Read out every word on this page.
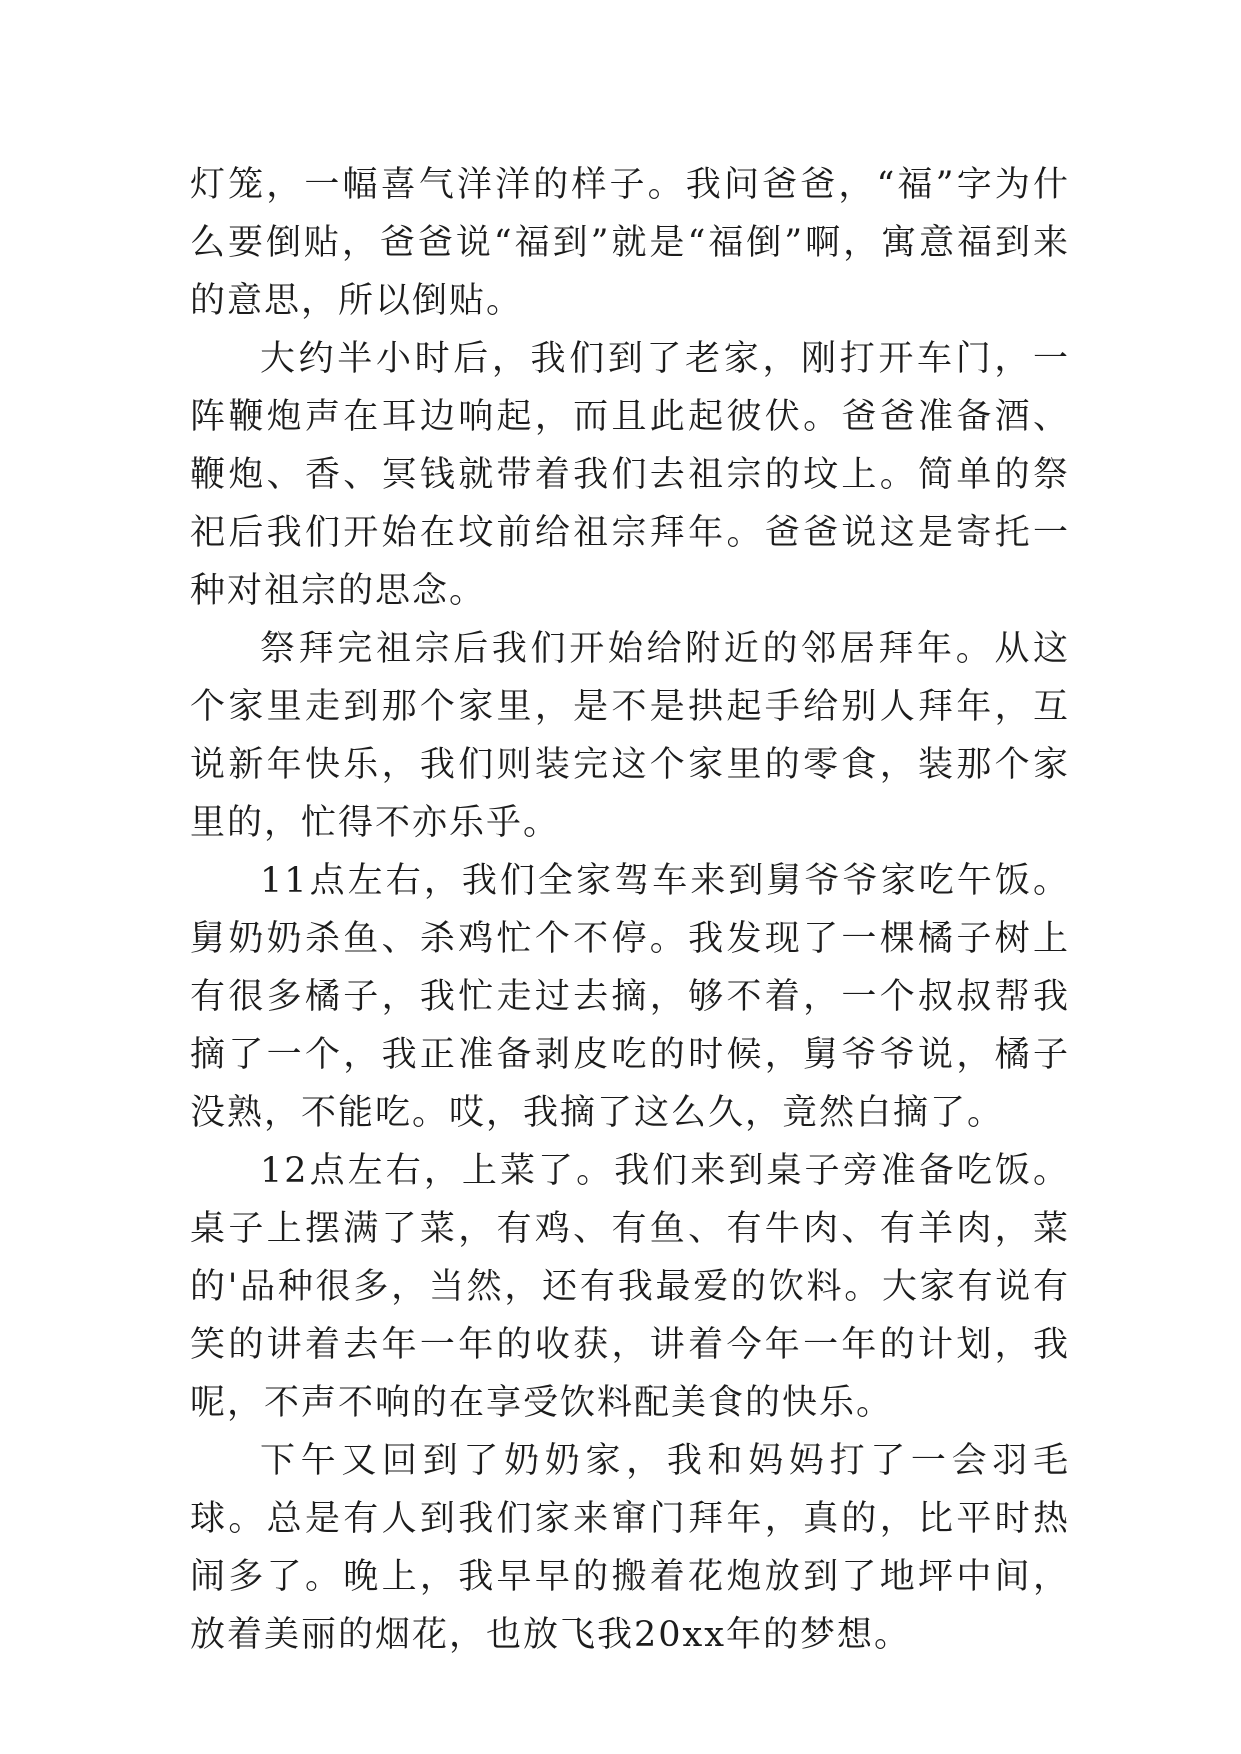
灯笼，一幅喜气洋洋的样子。我问爸爸，“福”字为什么要倒贴，爸爸说“福到”就是“福倒”啊，寓意福到来的意思，所以倒贴。

大约半小时后，我们到了老家，刚打开车门，一阵鞭炮声在耳边响起，而且此起彼伏。爸爸准备酒、鞭炮、香、冥钱就带着我们去祖宗的坟上。简单的祭祀后我们开始在坟前给祖宗拜年。爸爸说这是寄托一种对祖宗的思念。

祭拜完祖宗后我们开始给附近的邻居拜年。从这个家里走到那个家里，是不是拱起手给别人拜年，互说新年快乐，我们则装完这个家里的零食，装那个家里的，忙得不亦乐乎。

11点左右，我们全家驾车来到舅爷爷家吃午饭。舅奶奶杀鱼、杀鸡忙个不停。我发现了一棵橘子树上有很多橘子，我忙走过去摘，够不着，一个叔叔帮我摘了一个，我正准备剥皮吃的时候，舅爷爷说，橘子没熟，不能吃。哎，我摘了这么久，竟然白摘了。

12点左右，上菜了。我们来到桌子旁准备吃饭。桌子上摆满了菜，有鸡、有鱼、有牛肉、有羊肉，菜的'品种很多，当然，还有我最爱的饮料。大家有说有笑的讲着去年一年的收获，讲着今年一年的计划，我呢，不声不响的在享受饮料配美食的快乐。

下午又回到了奶奶家，我和妈妈打了一会羽毛球。总是有人到我们家来窜门拜年，真的，比平时热闹多了。晚上，我早早的搬着花炮放到了地坪中间，放着美丽的烟花，也放飞我20xx年的梦想。
